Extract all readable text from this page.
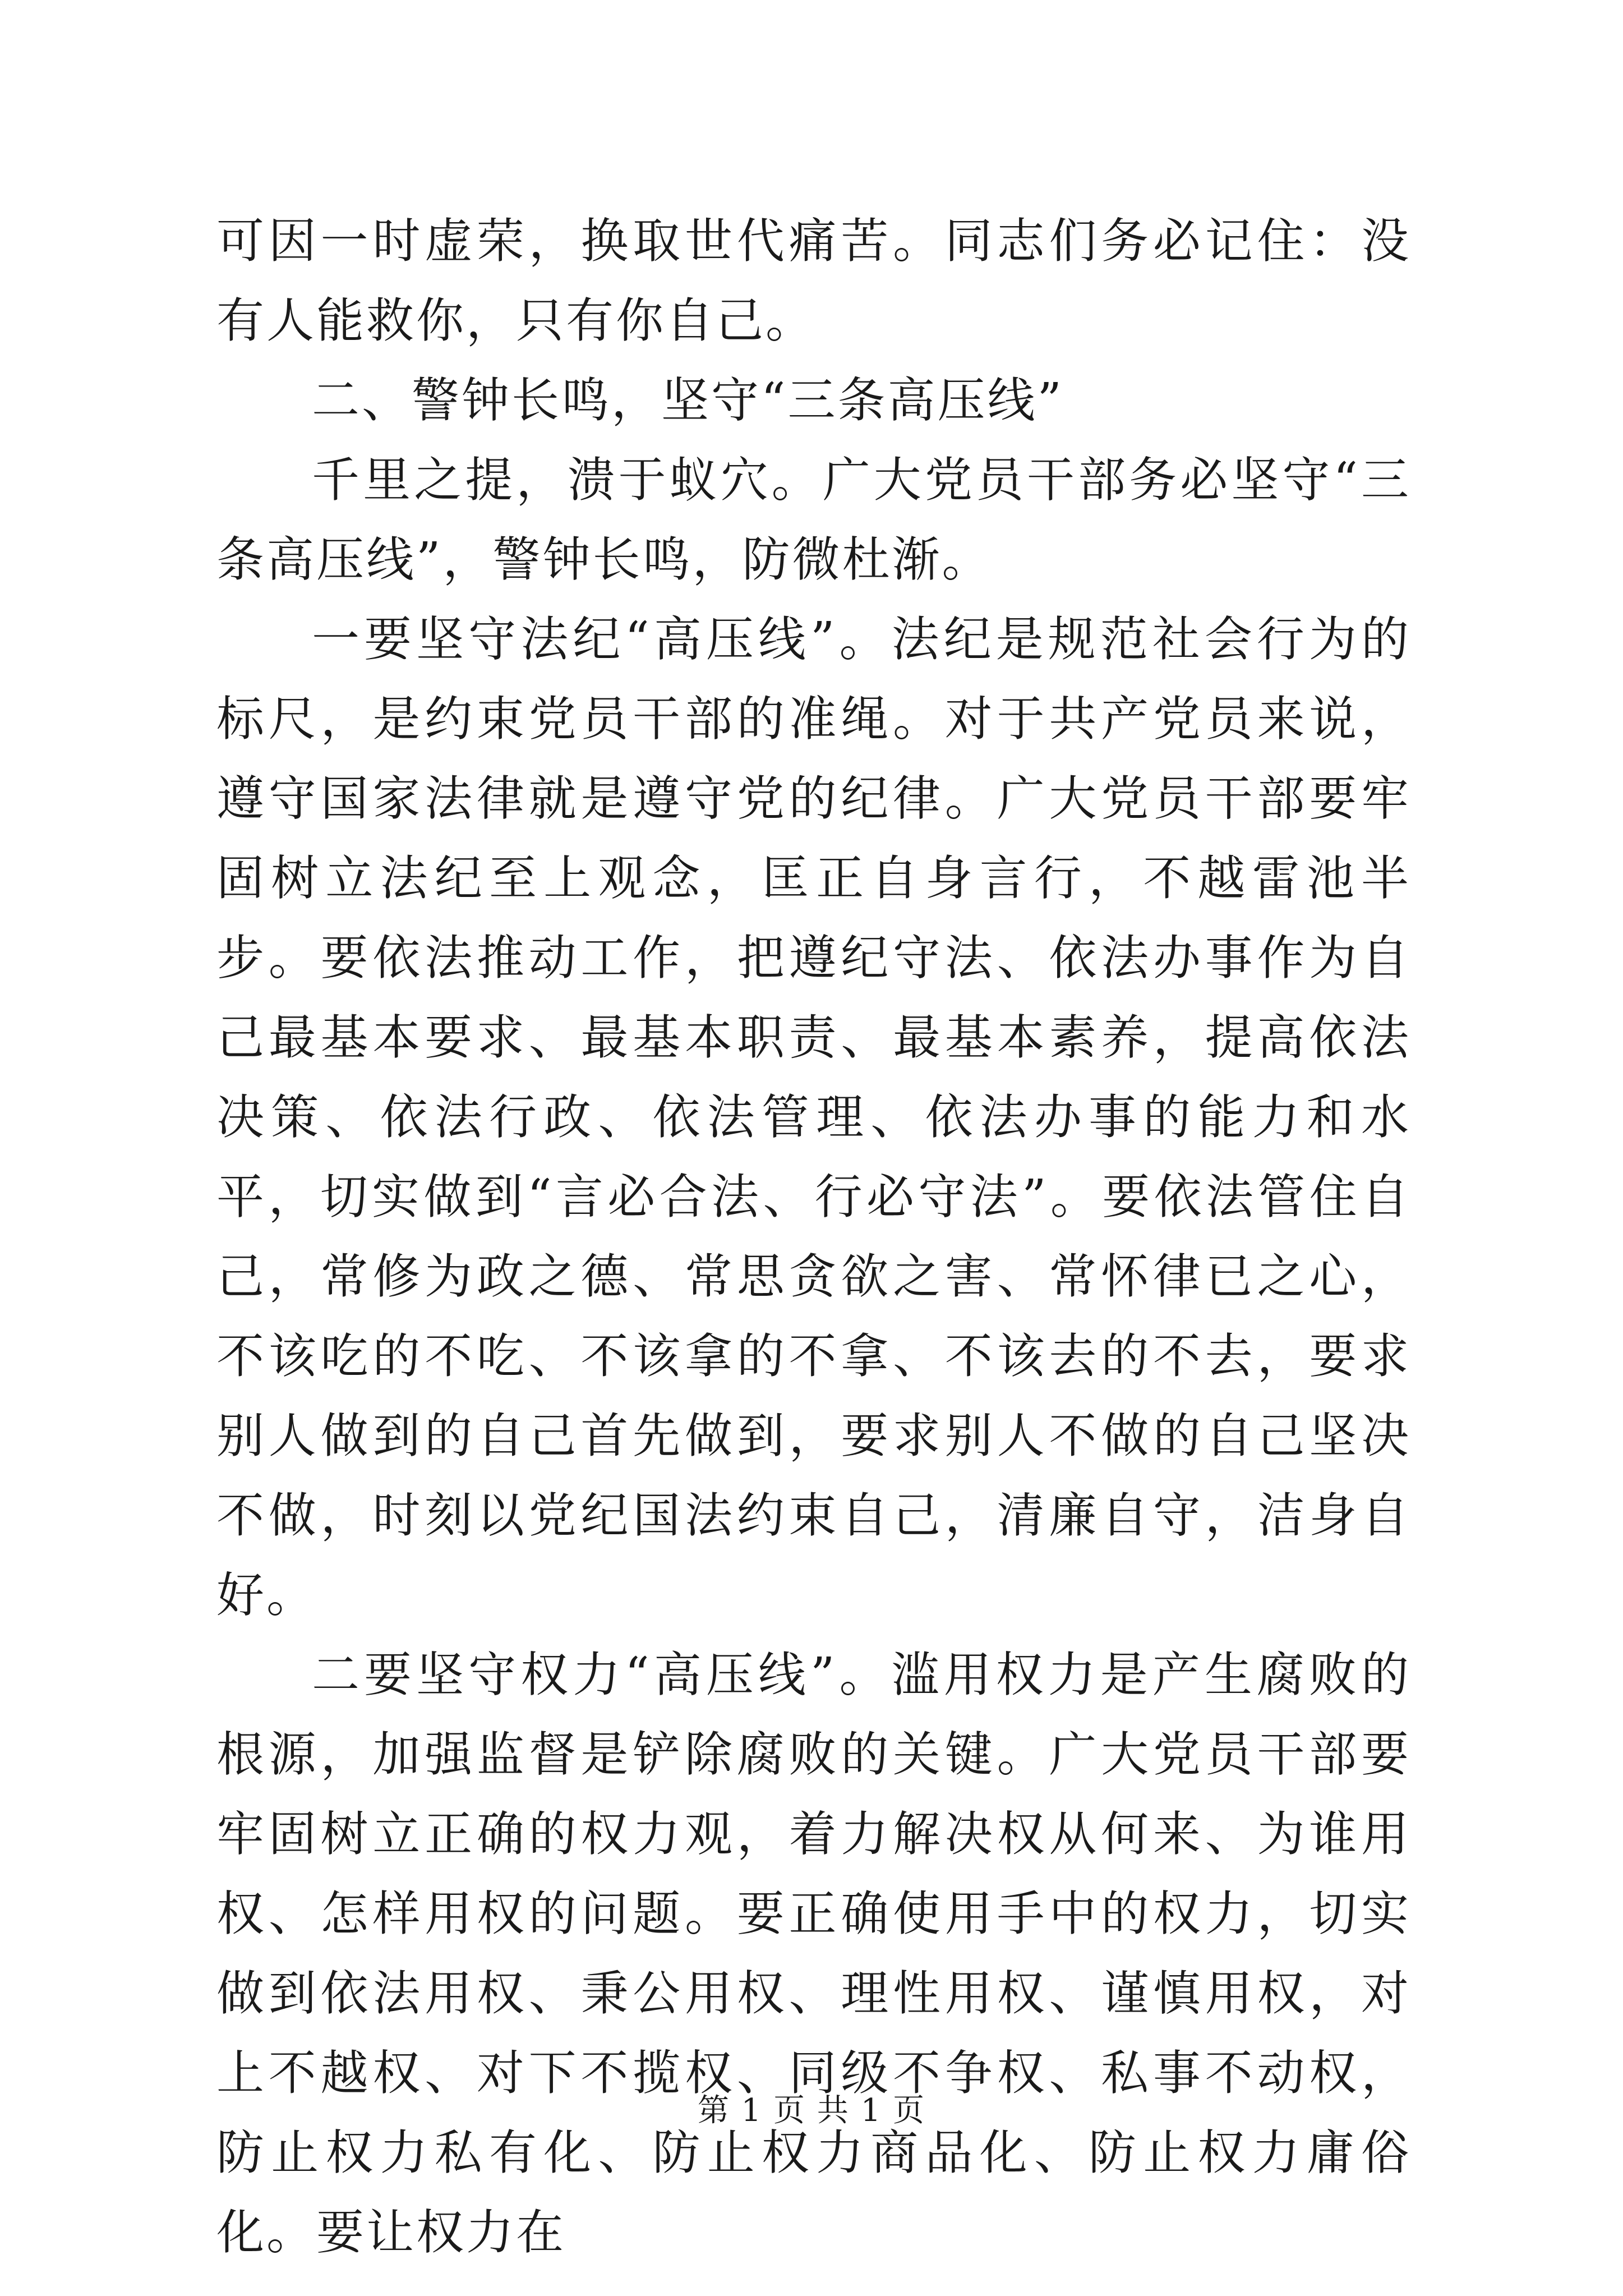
可因一时虚荣，换取世代痛苦。同志们务必记住：没有人能救你，只有你自己。

二、警钟长鸣，坚守“三条高压线”

千里之提，溃于蚁穴。广大党员干部务必坚守“三条高压线”，警钟长鸣，防微杜渐。

一要坚守法纪“高压线”。法纪是规范社会行为的标尺，是约束党员干部的准绳。对于共产党员来说，遵守国家法律就是遵守党的纪律。广大党员干部要牢固树立法纪至上观念，匡正自身言行，不越雷池半步。要依法推动工作，把遵纪守法、依法办事作为自己最基本要求、最基本职责、最基本素养，提高依法决策、依法行政、依法管理、依法办事的能力和水平，切实做到“言必合法、行必守法”。要依法管住自己，常修为政之德、常思贪欲之害、常怀律已之心，不该吃的不吃、不该拿的不拿、不该去的不去，要求别人做到的自己首先做到，要求别人不做的自己坚决不做，时刻以党纪国法约束自己，清廉自守，洁身自好。

二要坚守权力“高压线”。滥用权力是产生腐败的根源，加强监督是铲除腐败的关键。广大党员干部要牢固树立正确的权力观，着力解决权从何来、为谁用权、怎样用权的问题。要正确使用手中的权力，切实做到依法用权、秉公用权、理性用权、谨慎用权，对上不越权、对下不揽权、同级不争权、私事不动权，防止权力私有化、防止权力商品化、防止权力庸俗化。要让权力在

第 1 页 共 1 页
